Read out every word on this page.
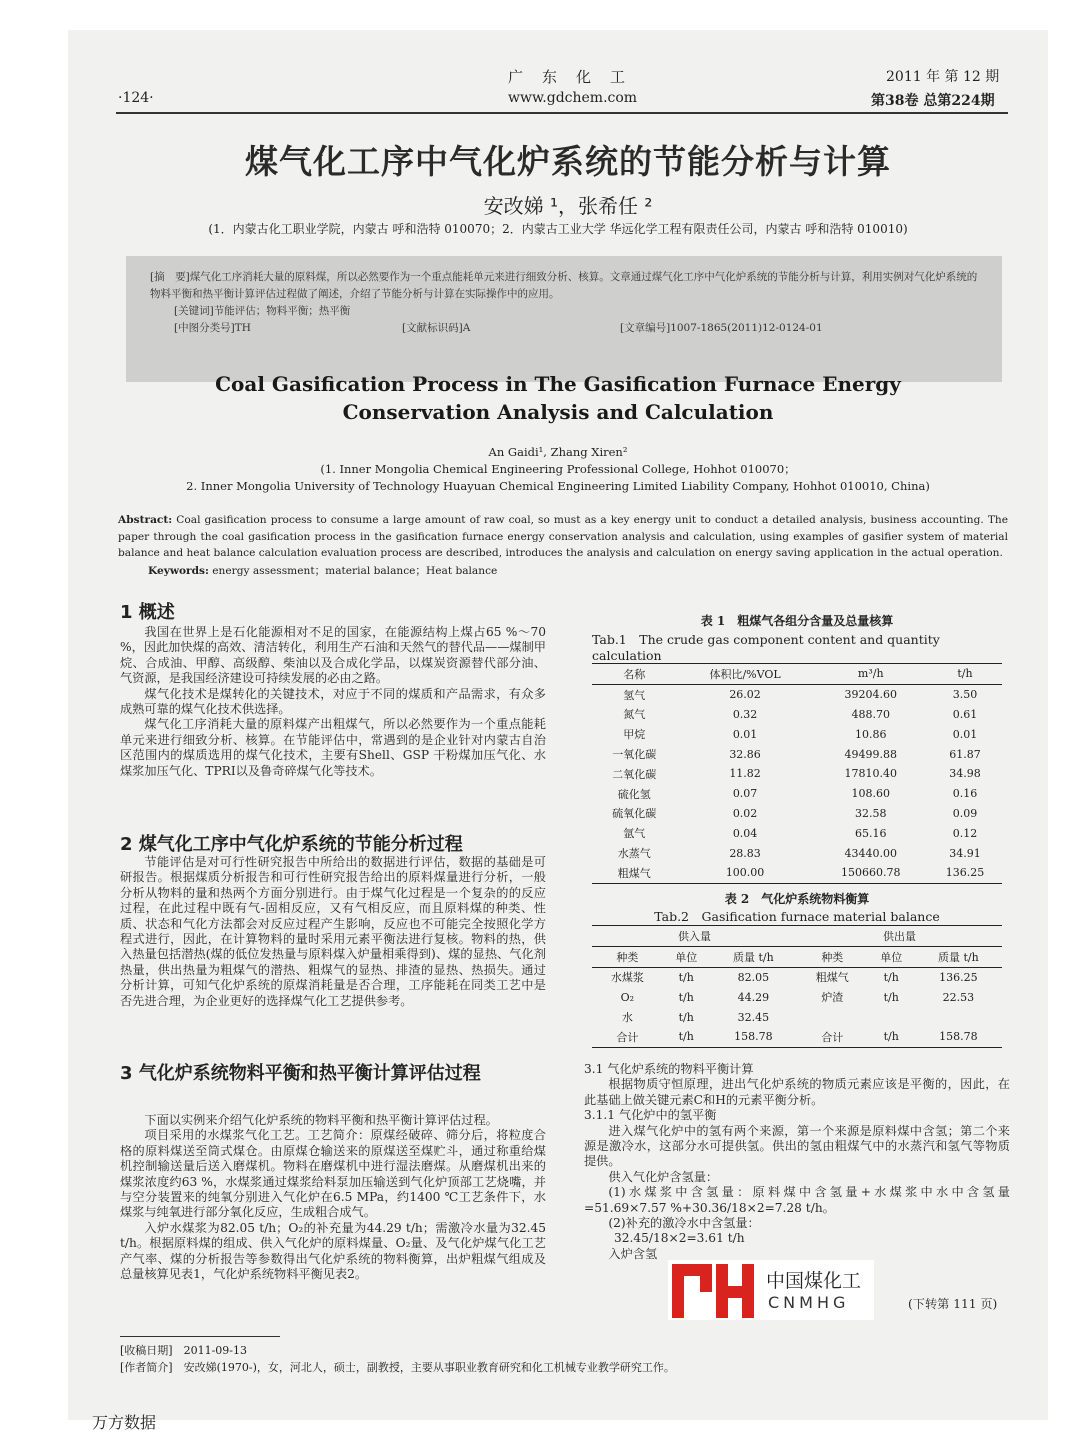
广　东　化　工	2011 年 第 12 期
·124·	www.gdchem.com	第38卷 总第224期
煤气化工序中气化炉系统的节能分析与计算
安改娣 ¹，张希任 ²
(1．内蒙古化工职业学院，内蒙古 呼和浩特 010070；2．内蒙古工业大学 华远化学工程有限责任公司，内蒙古 呼和浩特 010010)
[摘　要]煤气化工序消耗大量的原料煤，所以必然要作为一个重点能耗单元来进行细致分析、核算。文章通过煤气化工序中气化炉系统的节能分析与计算，利用实例对气化炉系统的物料平衡和热平衡计算评估过程做了阐述，介绍了节能分析与计算在实际操作中的应用。
[关键词]节能评估；物料平衡；热平衡
[中图分类号]TH	[文献标识码]A	[文章编号]1007-1865(2011)12-0124-01
Coal Gasification Process in The Gasification Furnace Energy
Conservation Analysis and Calculation
An Gaidi¹, Zhang Xiren²
(1. Inner Mongolia Chemical Engineering Professional College, Hohhot 010070；
2. Inner Mongolia University of Technology Huayuan Chemical Engineering Limited Liability Company, Hohhot 010010, China)
Abstract: Coal gasification process to consume a large amount of raw coal, so must as a key energy unit to conduct a detailed analysis, business accounting. The paper through the coal gasification process in the gasification furnace energy conservation analysis and calculation, using examples of gasifier system of material balance and heat balance calculation evaluation process are described, introduces the analysis and calculation on energy saving application in the actual operation.
Keywords: energy assessment；material balance；Heat balance
1 概述

我国在世界上是石化能源相对不足的国家，在能源结构上煤占65 %～70 %，因此加快煤的高效、清洁转化，利用生产石油和天然气的替代品——煤制甲烷、合成油、甲醇、高级醇、柴油以及合成化学品，以煤炭资源替代部分油、气资源，是我国经济建设可持续发展的必由之路。

煤气化技术是煤转化的关键技术，对应于不同的煤质和产品需求，有众多成熟可靠的煤气化技术供选择。

煤气化工序消耗大量的原料煤产出粗煤气，所以必然要作为一个重点能耗单元来进行细致分析、核算。在节能评估中，常遇到的是企业针对内蒙古自治区范围内的煤质选用的煤气化技术，主要有Shell、GSP 干粉煤加压气化、水煤浆加压气化、TPRI以及鲁奇碎煤气化等技术。

2 煤气化工序中气化炉系统的节能分析过程

节能评估是对可行性研究报告中所给出的数据进行评估，数据的基础是可研报告。根据煤质分析报告和可行性研究报告给出的原料煤量进行分析，一般分析从物料的量和热两个方面分别进行。由于煤气化过程是一个复杂的的反应过程，在此过程中既有气-固相反应，又有气相反应，而且原料煤的种类、性质、状态和气化方法都会对反应过程产生影响，反应也不可能完全按照化学方程式进行，因此，在计算物料的量时采用元素平衡法进行复核。物料的热，供入热量包括潜热(煤的低位发热量与原料煤入炉量相乘得到)、煤的显热、气化剂热量，供出热量为粗煤气的潜热、粗煤气的显热、排渣的显热、热损失。通过分析计算，可知气化炉系统的原煤消耗量是否合理，工序能耗在同类工艺中是否先进合理，为企业更好的选择煤气化工艺提供参考。

3 气化炉系统物料平衡和热平衡计算评估过程

下面以实例来介绍气化炉系统的物料平衡和热平衡计算评估过程。

项目采用的水煤浆气化工艺。工艺简介：原煤经破碎、筛分后，将粒度合格的原料煤送至筒式煤仓。由原煤仓输送来的原煤送至煤贮斗，通过称重给煤机控制输送量后送入磨煤机。物料在磨煤机中进行湿法磨煤。从磨煤机出来的煤浆浓度约63 %，水煤浆通过煤浆给料泵加压输送到气化炉顶部工艺烧嘴，并与空分装置来的纯氧分别进入气化炉在6.5 MPa，约1400 ℃工艺条件下，水煤浆与纯氧进行部分氧化反应，生成粗合成气。

入炉水煤浆为82.05 t/h；O₂的补充量为44.29 t/h；需激冷水量为32.45 t/h。根据原料煤的组成、供入气化炉的原料煤量、O₂量、及气化炉煤气化工艺产气率、煤的分析报告等参数得出气化炉系统的物料衡算，出炉粗煤气组成及总量核算见表1，气化炉系统物料平衡见表2。

表 1　粗煤气各组分含量及总量核算
Tab.1　The crude gas component content and quantity calculation
名称	体积比/%VOL	m³/h	t/h
氢气	26.02	39204.60	3.50
氮气	0.32	488.70	0.61
甲烷	0.01	10.86	0.01
一氧化碳	32.86	49499.88	61.87
二氧化碳	11.82	17810.40	34.98
硫化氢	0.07	108.60	0.16
硫氧化碳	0.02	32.58	0.09
氩气	0.04	65.16	0.12
水蒸气	28.83	43440.00	34.91
粗煤气	100.00	150660.78	136.25
表 2　气化炉系统物料衡算
Tab.2　Gasification furnace material balance
供入量			供出量		
种类	单位	质量 t/h	种类	单位	质量 t/h
水煤浆	t/h	82.05	粗煤气	t/h	136.25
O₂	t/h	44.29	炉渣	t/h	22.53
水	t/h	32.45			
合计	t/h	158.78	合计	t/h	158.78
3.1 气化炉系统的物料平衡计算

根据物质守恒原理，进出气化炉系统的物质元素应该是平衡的，因此，在此基础上做关键元素C和H的元素平衡分析。

3.1.1 气化炉中的氢平衡

进入煤气化炉中的氢有两个来源，第一个来源是原料煤中含氢；第二个来源是激冷水，这部分水可提供氢。供出的氢由粗煤气中的水蒸汽和氢气等物质提供。

供入气化炉含氢量：

(1)水煤浆中含氢量：原料煤中含氢量+水煤浆中水中含氢量=51.69×7.57 %+30.36/18×2=7.28 t/h。

(2)补充的激冷水中含氢量：

32.45/18×2=3.61 t/h

入炉含氢

中国煤化工
CNMHG	(下转第 111 页)
[收稿日期]　2011-09-13
[作者简介]　安改娣(1970-)，女，河北人，硕士，副教授，主要从事职业教育研究和化工机械专业教学研究工作。
万方数据
